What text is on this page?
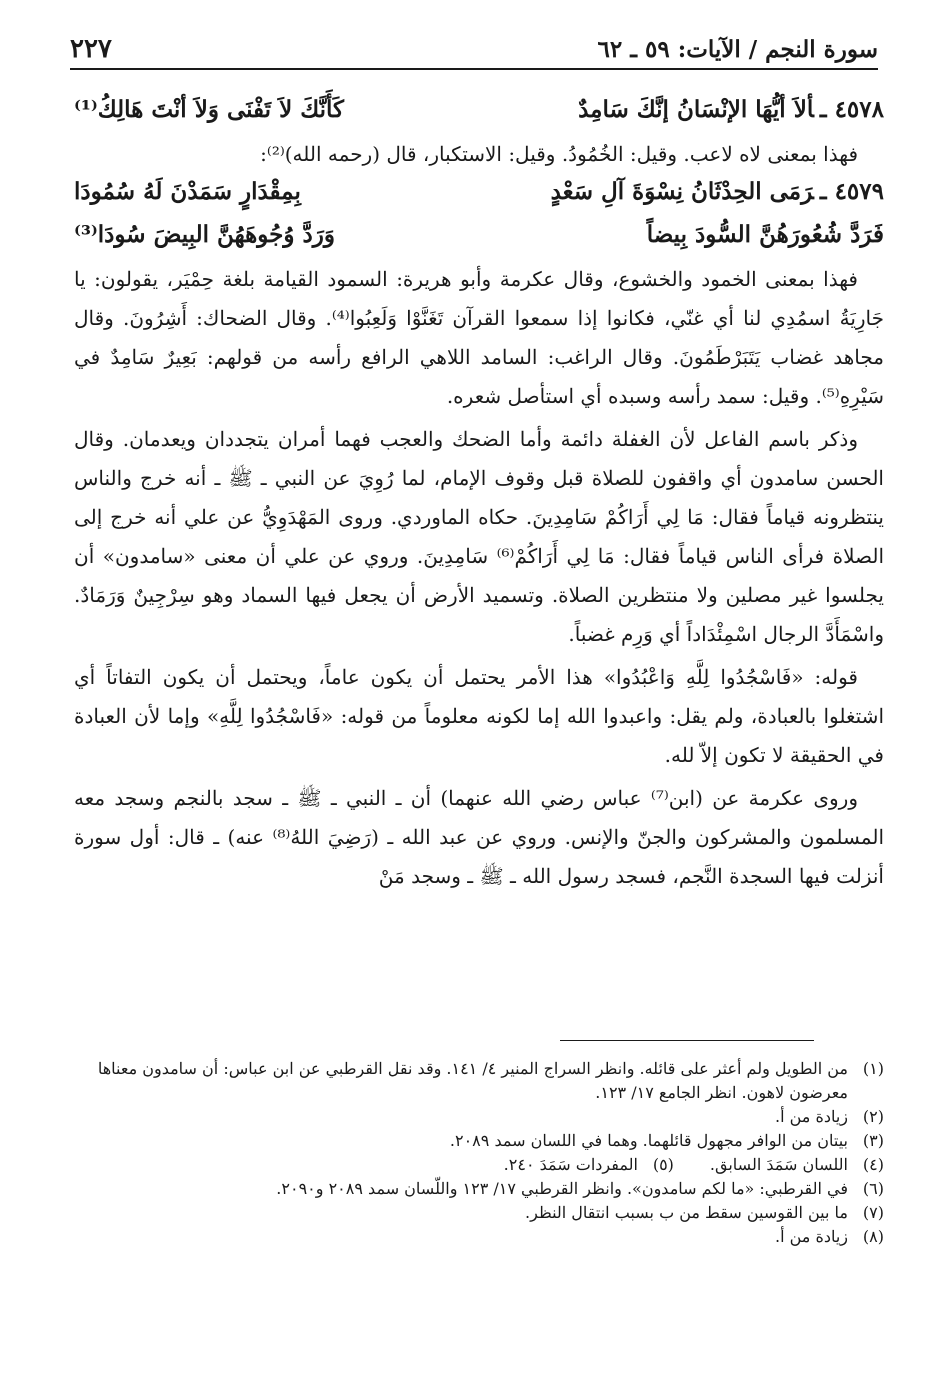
سورة النجم / الآيات: ٥٩ ـ ٦٢
٢٢٧
٤٥٧٨ ـألاَ أيُّهَا الإنْسَانُ إنَّكَ سَامِدٌ
كَأَنَّكَ لاَ تَفْنَى وَلاَ أنْتَ هَالِكُ⁽¹⁾

فهذا بمعنى لاه لاعب. وقيل: الخُمُودُ. وقيل: الاستكبار، قال (رحمه الله)⁽²⁾:

٤٥٧٩ ـرَمَى الحِدْثَانُ نِسْوَةَ آلِ سَعْدٍ
بِمِقْدَارٍ سَمَدْنَ لَهُ سُمُودَا
فَرَدَّ شُعُورَهُنَّ السُّودَ بِيضاً
وَرَدَّ وُجُوهَهُنَّ البِيضَ سُودَا⁽³⁾

فهذا بمعنى الخمود والخشوع، وقال عكرمة وأبو هريرة: السمود القيامة بلغة حِمْيَر، يقولون: يا جَارِيَةُ اسمُدِي لنا أي غنّي، فكانوا إذا سمعوا القرآن تَغَنَّوْا وَلَعِبُوا⁽⁴⁾. وقال الضحاك: أَشِرُونَ. وقال مجاهد غضاب يَتَبَرْطَمُونَ. وقال الراغب: السامد اللاهي الرافع رأسه من قولهم: بَعِيرٌ سَامِدٌ في سَيْرِهِ⁽⁵⁾. وقيل: سمد رأسه وسبده أي استأصل شعره.

وذكر باسم الفاعل لأن الغفلة دائمة وأما الضحك والعجب فهما أمران يتجددان ويعدمان. وقال الحسن سامدون أي واقفون للصلاة قبل وقوف الإمام، لما رُوِيَ عن النبي ـ ﷺ ـ أنه خرج والناس ينتظرونه قياماً فقال: مَا لِي أَرَاكُمْ سَامِدِينَ. حكاه الماوردي. وروى المَهْدَوِيُّ عن علي أنه خرج إلى الصلاة فرأى الناس قياماً فقال: مَا لِي أَرَاكُمْ⁽⁶⁾ سَامِدِينَ. وروي عن علي أن معنى «سامدون» أن يجلسوا غير مصلين ولا منتظرين الصلاة. وتسميد الأرض أن يجعل فيها السماد وهو سِرْجِينٌ وَرَمَادٌ. واسْمَأَدَّ الرجال اسْمِئْدَاداً أي وَرِم غضباً.

قوله: «فَاسْجُدُوا لِلَّهِ وَاعْبُدُوا» هذا الأمر يحتمل أن يكون عاماً، ويحتمل أن يكون التفاتاً أي اشتغلوا بالعبادة، ولم يقل: واعبدوا الله إما لكونه معلوماً من قوله: «فَاسْجُدُوا لِلَّهِ» وإما لأن العبادة في الحقيقة لا تكون إلاّ لله.

وروى عكرمة عن (ابن⁽⁷⁾ عباس رضي الله عنهما) أن ـ النبي ـ ﷺ ـ سجد بالنجم وسجد معه المسلمون والمشركون والجنّ والإنس. وروي عن عبد الله ـ (رَضِيَ اللهُ⁽⁸⁾ عنه) ـ قال: أول سورة أنزلت فيها السجدة النَّجم، فسجد رسول الله ـ ﷺ ـ وسجد مَنْ

(١)
من الطويل ولم أعثر على قائله. وانظر السراج المنير ٤/ ١٤١. وقد نقل القرطبي عن ابن عباس: أن سامدون معناها معرضون لاهون. انظر الجامع ١٧/ ١٢٣.

(٢)
زيادة من أ.

(٣)
بيتان من الوافر مجهول قائلهما. وهما في اللسان سمد ٢٠٨٩.

(٤)
اللسان سَمَدَ السابق.

(٥)
المفردات سَمَدَ ٢٤٠.

(٦)
في القرطبي: «ما لكم سامدون». وانظر القرطبي ١٧/ ١٢٣ واللّسان سمد ٢٠٨٩ و٢٠٩٠.

(٧)
ما بين القوسين سقط من ب بسبب انتقال النظر.

(٨)
زيادة من أ.
